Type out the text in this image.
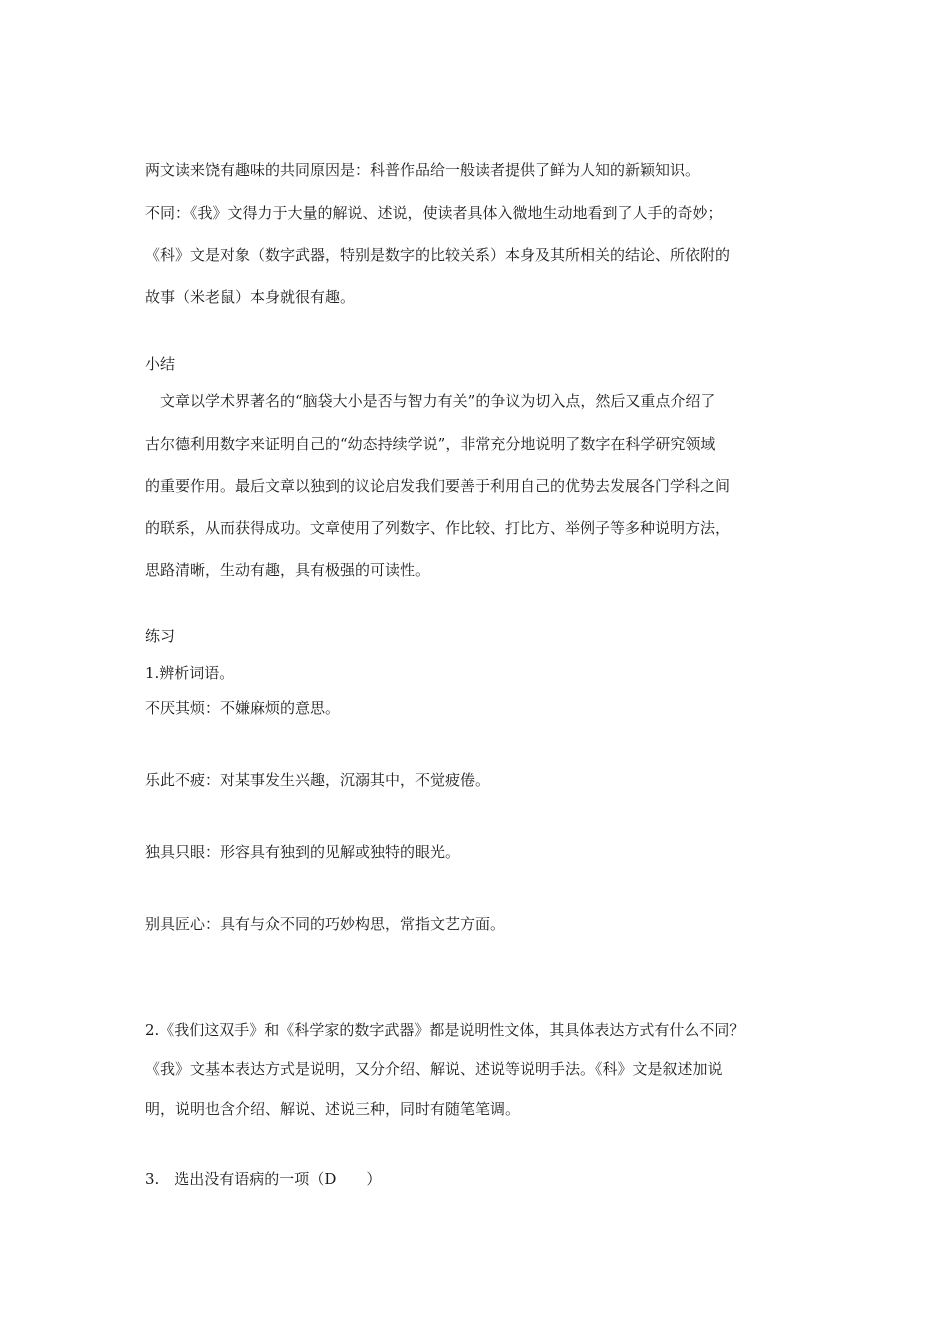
两文读来饶有趣味的共同原因是：科普作品给一般读者提供了鲜为人知的新颖知识。
不同：《我》文得力于大量的解说、述说，使读者具体入微地生动地看到了人手的奇妙；
《科》文是对象（数字武器，特别是数字的比较关系）本身及其所相关的结论、所依附的
故事（米老鼠）本身就很有趣。
小结
　文章以学术界著名的“脑袋大小是否与智力有关”的争议为切入点，然后又重点介绍了
古尔德利用数字来证明自己的“幼态持续学说”，非常充分地说明了数字在科学研究领域
的重要作用。最后文章以独到的议论启发我们要善于利用自己的优势去发展各门学科之间
的联系，从而获得成功。文章使用了列数字、作比较、打比方、举例子等多种说明方法，
思路清晰，生动有趣，具有极强的可读性。
练习
1.辨析词语。
不厌其烦：不嫌麻烦的意思。
乐此不疲：对某事发生兴趣，沉溺其中，不觉疲倦。
独具只眼：形容具有独到的见解或独特的眼光。
别具匠心：具有与众不同的巧妙构思，常指文艺方面。
2.《我们这双手》和《科学家的数字武器》都是说明性文体，其具体表达方式有什么不同？
《我》文基本表达方式是说明，又分介绍、解说、述说等说明手法。《科》文是叙述加说
明，说明也含介绍、解说、述说三种，同时有随笔笔调。
3.　选出没有语病的一项（D　　）
